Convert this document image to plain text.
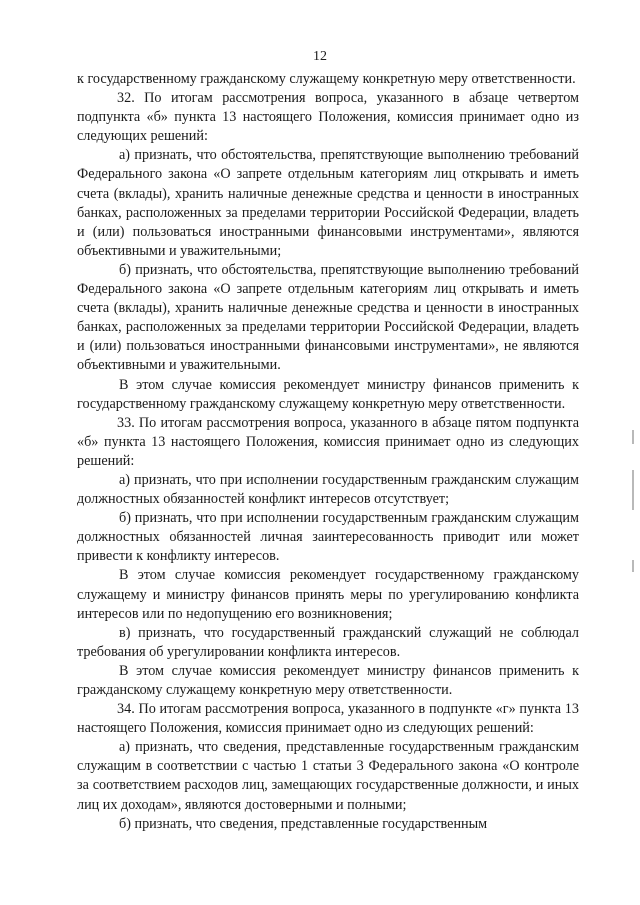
12

к государственному гражданскому служащему конкретную меру ответственности.

32. По итогам рассмотрения вопроса, указанного в абзаце четвертом подпункта «б» пункта 13 настоящего Положения, комиссия принимает одно из следующих решений:

а) признать, что обстоятельства, препятствующие выполнению требований Федерального закона «О запрете отдельным категориям лиц открывать и иметь счета (вклады), хранить наличные денежные средства и ценности в иностранных банках, расположенных за пределами территории Российской Федерации, владеть и (или) пользоваться иностранными финансовыми инструментами», являются объективными и уважительными;

б) признать, что обстоятельства, препятствующие выполнению требований Федерального закона «О запрете отдельным категориям лиц открывать и иметь счета (вклады), хранить наличные денежные средства и ценности в иностранных банках, расположенных за пределами территории Российской Федерации, владеть и (или) пользоваться иностранными финансовыми инструментами», не являются объективными и уважительными.

В этом случае комиссия рекомендует министру финансов применить к государственному гражданскому служащему конкретную меру ответственности.

33. По итогам рассмотрения вопроса, указанного в абзаце пятом подпункта «б» пункта 13 настоящего Положения, комиссия принимает одно из следующих решений:

а) признать, что при исполнении государственным гражданским служащим должностных обязанностей конфликт интересов отсутствует;

б) признать, что при исполнении государственным гражданским служащим должностных обязанностей личная заинтересованность приводит или может привести к конфликту интересов.

В этом случае комиссия рекомендует государственному гражданскому служащему и министру финансов принять меры по урегулированию конфликта интересов или по недопущению его возникновения;

в) признать, что государственный гражданский служащий не соблюдал требования об урегулировании конфликта интересов.

В этом случае комиссия рекомендует министру финансов применить к гражданскому служащему конкретную меру ответственности.

34. По итогам рассмотрения вопроса, указанного в подпункте «г» пункта 13 настоящего Положения, комиссия принимает одно из следующих решений:

а) признать, что сведения, представленные государственным гражданским служащим в соответствии с частью 1 статьи 3 Федерального закона «О контроле за соответствием расходов лиц, замещающих государственные должности, и иных лиц их доходам», являются достоверными и полными;

б) признать, что сведения, представленные государственным
